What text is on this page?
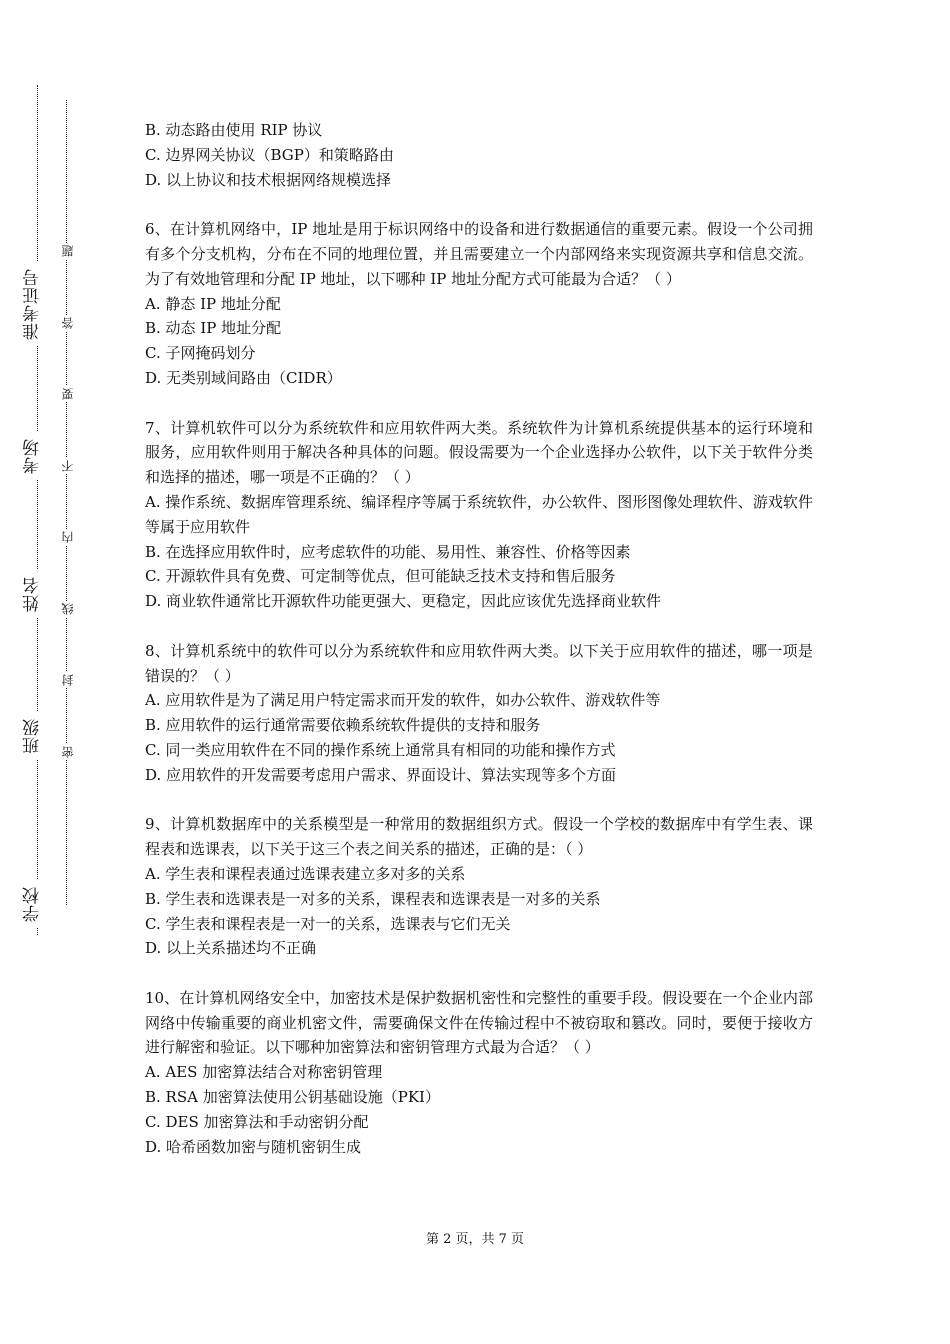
准考证号
考场
姓名
班级
学校
题
答
要
不
内
线
封
密
B. 动态路由使用 RIP 协议
C. 边界网关协议（BGP）和策略路由
D. 以上协议和技术根据网络规模选择
6、在计算机网络中，IP 地址是用于标识网络中的设备和进行数据通信的重要元素。假设一个公司拥有多个分支机构，分布在不同的地理位置，并且需要建立一个内部网络来实现资源共享和信息交流。为了有效地管理和分配 IP 地址，以下哪种 IP 地址分配方式可能最为合适？（ ）
A. 静态 IP 地址分配
B. 动态 IP 地址分配
C. 子网掩码划分
D. 无类别域间路由（CIDR）
7、计算机软件可以分为系统软件和应用软件两大类。系统软件为计算机系统提供基本的运行环境和服务，应用软件则用于解决各种具体的问题。假设需要为一个企业选择办公软件，以下关于软件分类和选择的描述，哪一项是不正确的？（ ）
A. 操作系统、数据库管理系统、编译程序等属于系统软件，办公软件、图形图像处理软件、游戏软件等属于应用软件
B. 在选择应用软件时，应考虑软件的功能、易用性、兼容性、价格等因素
C. 开源软件具有免费、可定制等优点，但可能缺乏技术支持和售后服务
D. 商业软件通常比开源软件功能更强大、更稳定，因此应该优先选择商业软件
8、计算机系统中的软件可以分为系统软件和应用软件两大类。以下关于应用软件的描述，哪一项是错误的？（ ）
A. 应用软件是为了满足用户特定需求而开发的软件，如办公软件、游戏软件等
B. 应用软件的运行通常需要依赖系统软件提供的支持和服务
C. 同一类应用软件在不同的操作系统上通常具有相同的功能和操作方式
D. 应用软件的开发需要考虑用户需求、界面设计、算法实现等多个方面
9、计算机数据库中的关系模型是一种常用的数据组织方式。假设一个学校的数据库中有学生表、课程表和选课表，以下关于这三个表之间关系的描述，正确的是：（ ）
A. 学生表和课程表通过选课表建立多对多的关系
B. 学生表和选课表是一对多的关系，课程表和选课表是一对多的关系
C. 学生表和课程表是一对一的关系，选课表与它们无关
D. 以上关系描述均不正确
10、在计算机网络安全中，加密技术是保护数据机密性和完整性的重要手段。假设要在一个企业内部网络中传输重要的商业机密文件，需要确保文件在传输过程中不被窃取和篡改。同时，要便于接收方进行解密和验证。以下哪种加密算法和密钥管理方式最为合适？（ ）
A. AES 加密算法结合对称密钥管理
B. RSA 加密算法使用公钥基础设施（PKI）
C. DES 加密算法和手动密钥分配
D. 哈希函数加密与随机密钥生成
第 2 页，共 7 页
